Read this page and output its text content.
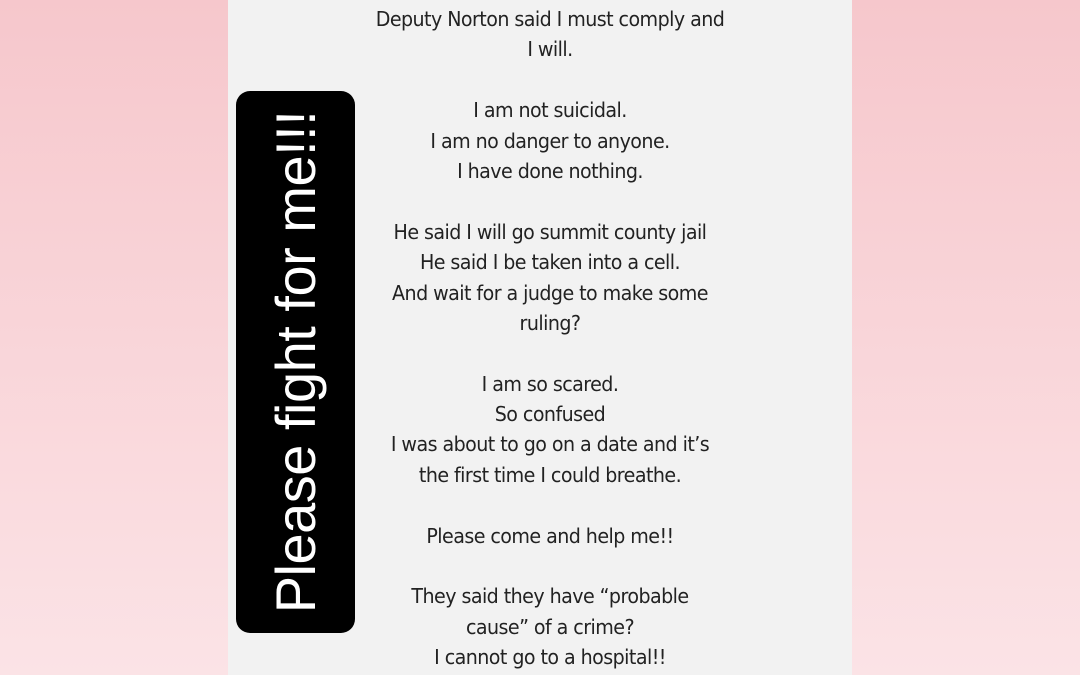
Deputy Norton said I must comply and
I will.
I am not suicidal.
I am no danger to anyone.
I have done nothing.
He said I will go summit county jail
He said I be taken into a cell.
And wait for a judge to make some
ruling?
I am so scared.
So confused
I was about to go on a date and it’s
the first time I could breathe.
Please come and help me!!
They said they have “probable
cause” of a crime?
I cannot go to a hospital!!
Please fight for me!!!
